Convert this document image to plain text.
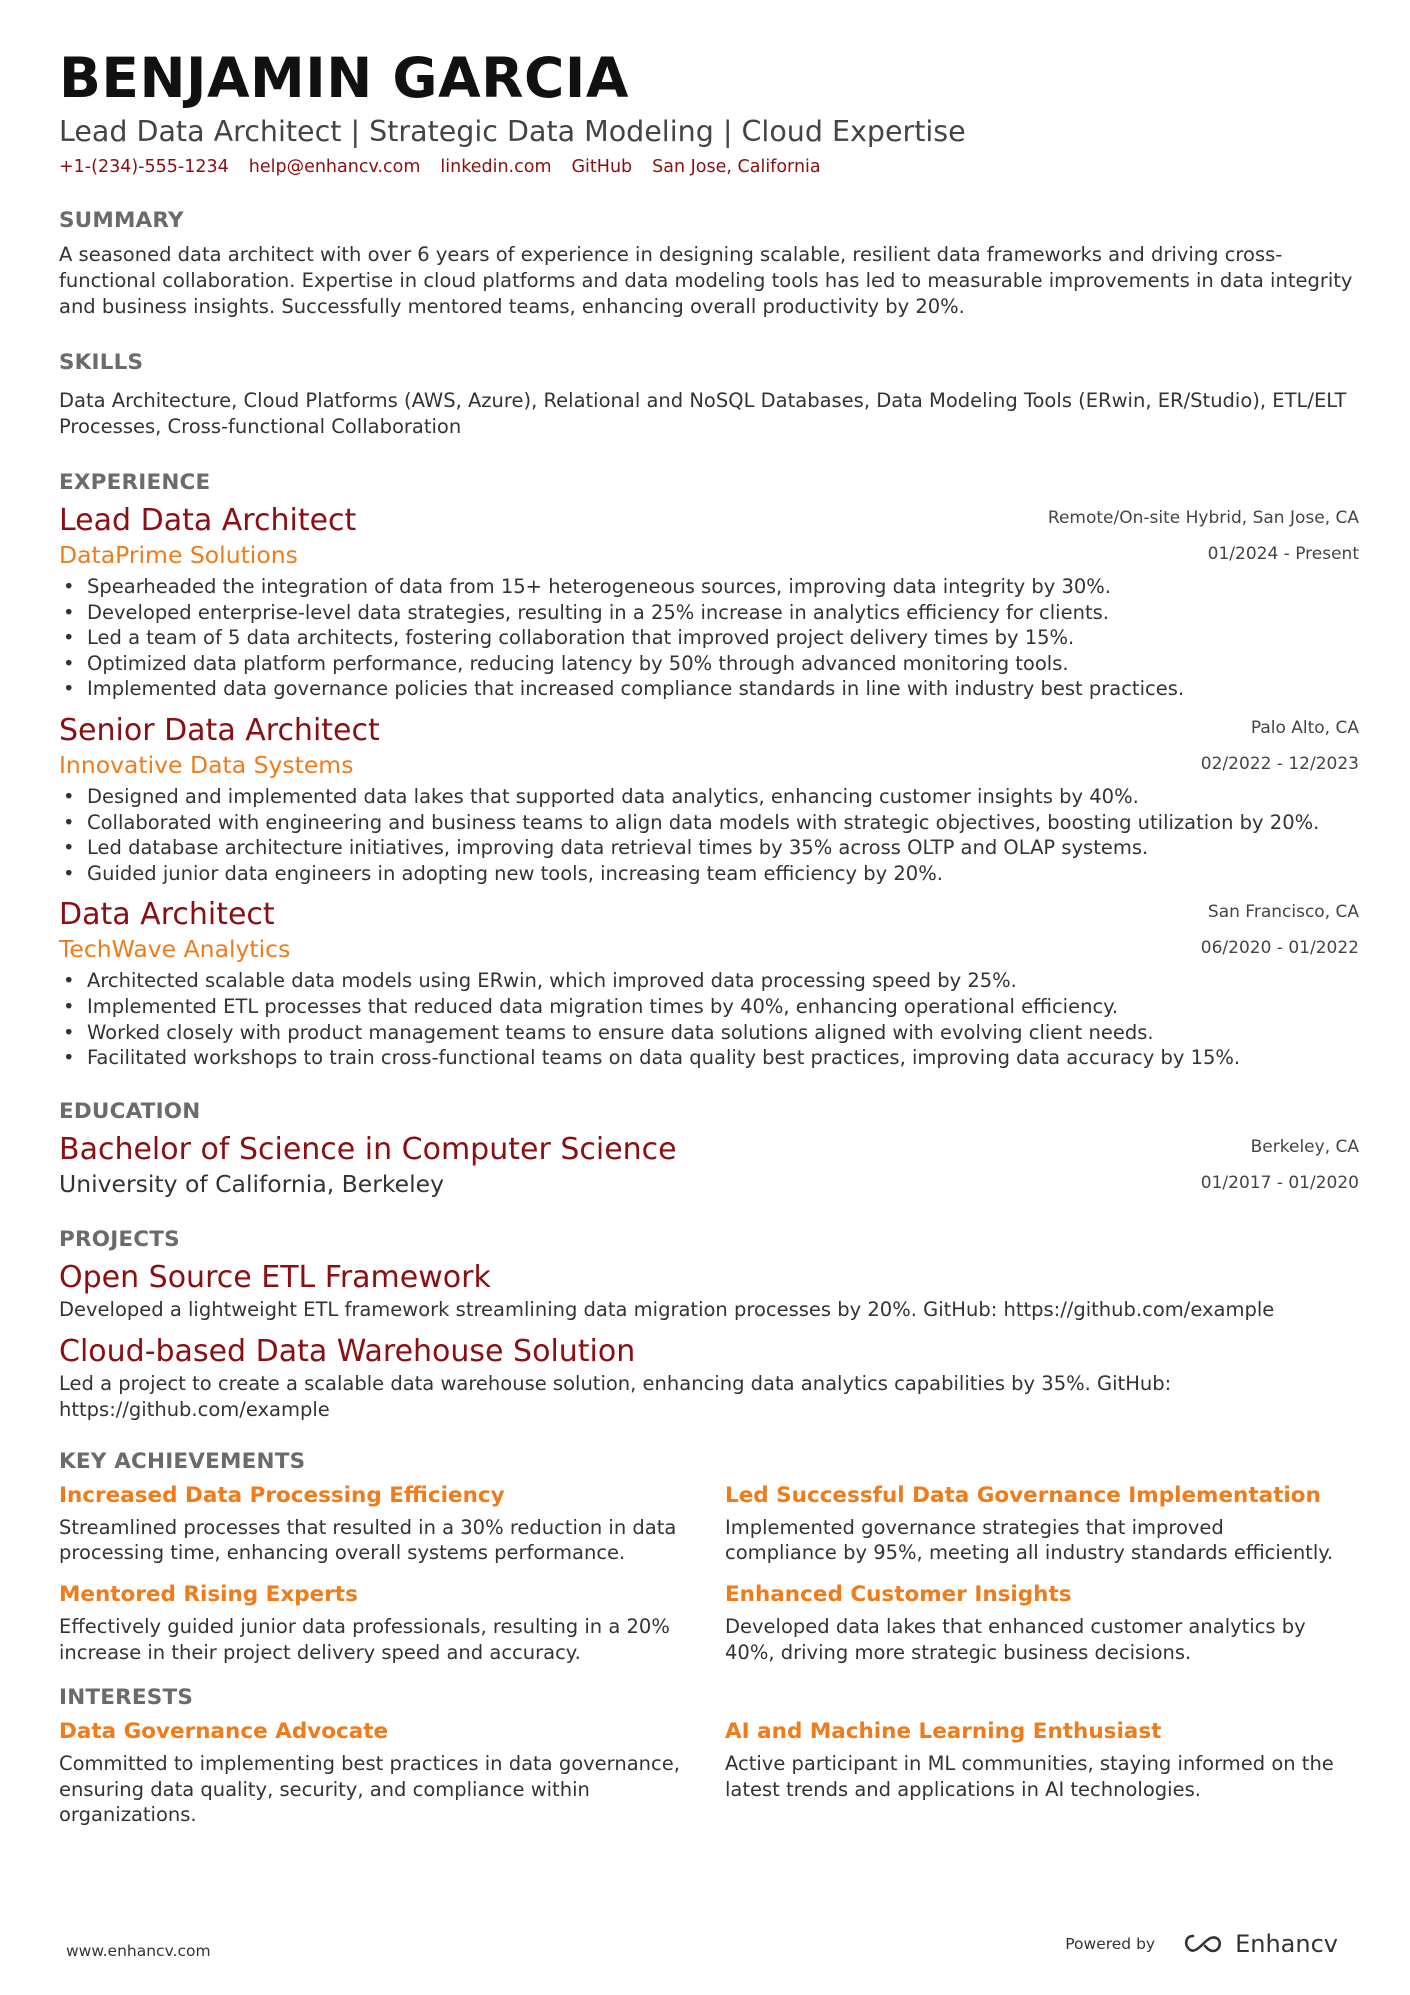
BENJAMIN GARCIA
Lead Data Architect | Strategic Data Modeling | Cloud Expertise
+1-(234)-555-1234 help@enhancv.com linkedin.com GitHub San Jose, California
SUMMARY
A seasoned data architect with over 6 years of experience in designing scalable, resilient data frameworks and driving cross-functional collaboration. Expertise in cloud platforms and data modeling tools has led to measurable improvements in data integrity and business insights. Successfully mentored teams, enhancing overall productivity by 20%.
SKILLS
Data Architecture, Cloud Platforms (AWS, Azure), Relational and NoSQL Databases, Data Modeling Tools (ERwin, ER/Studio), ETL/ELT Processes, Cross-functional Collaboration
EXPERIENCE
Lead Data Architect
DataPrime Solutions
Remote/On-site Hybrid, San Jose, CA
01/2024 - Present
• Spearheaded the integration of data from 15+ heterogeneous sources, improving data integrity by 30%.
• Developed enterprise-level data strategies, resulting in a 25% increase in analytics efficiency for clients.
• Led a team of 5 data architects, fostering collaboration that improved project delivery times by 15%.
• Optimized data platform performance, reducing latency by 50% through advanced monitoring tools.
• Implemented data governance policies that increased compliance standards in line with industry best practices.
Senior Data Architect
Innovative Data Systems
Palo Alto, CA
02/2022 - 12/2023
• Designed and implemented data lakes that supported data analytics, enhancing customer insights by 40%.
• Collaborated with engineering and business teams to align data models with strategic objectives, boosting utilization by 20%.
• Led database architecture initiatives, improving data retrieval times by 35% across OLTP and OLAP systems.
• Guided junior data engineers in adopting new tools, increasing team efficiency by 20%.
Data Architect
TechWave Analytics
San Francisco, CA
06/2020 - 01/2022
• Architected scalable data models using ERwin, which improved data processing speed by 25%.
• Implemented ETL processes that reduced data migration times by 40%, enhancing operational efficiency.
• Worked closely with product management teams to ensure data solutions aligned with evolving client needs.
• Facilitated workshops to train cross-functional teams on data quality best practices, improving data accuracy by 15%.
EDUCATION
Bachelor of Science in Computer Science
University of California, Berkeley
Berkeley, CA
01/2017 - 01/2020
PROJECTS
Open Source ETL Framework
Developed a lightweight ETL framework streamlining data migration processes by 20%. GitHub: https://github.com/example
Cloud-based Data Warehouse Solution
Led a project to create a scalable data warehouse solution, enhancing data analytics capabilities by 35%. GitHub: https://github.com/example
KEY ACHIEVEMENTS
Increased Data Processing Efficiency
Streamlined processes that resulted in a 30% reduction in data processing time, enhancing overall systems performance.
Led Successful Data Governance Implementation
Implemented governance strategies that improved compliance by 95%, meeting all industry standards efficiently.
Mentored Rising Experts
Effectively guided junior data professionals, resulting in a 20% increase in their project delivery speed and accuracy.
Enhanced Customer Insights
Developed data lakes that enhanced customer analytics by 40%, driving more strategic business decisions.
INTERESTS
Data Governance Advocate
Committed to implementing best practices in data governance, ensuring data quality, security, and compliance within organizations.
AI and Machine Learning Enthusiast
Active participant in ML communities, staying informed on the latest trends and applications in AI technologies.
www.enhancv.com	Powered by	Enhancv
